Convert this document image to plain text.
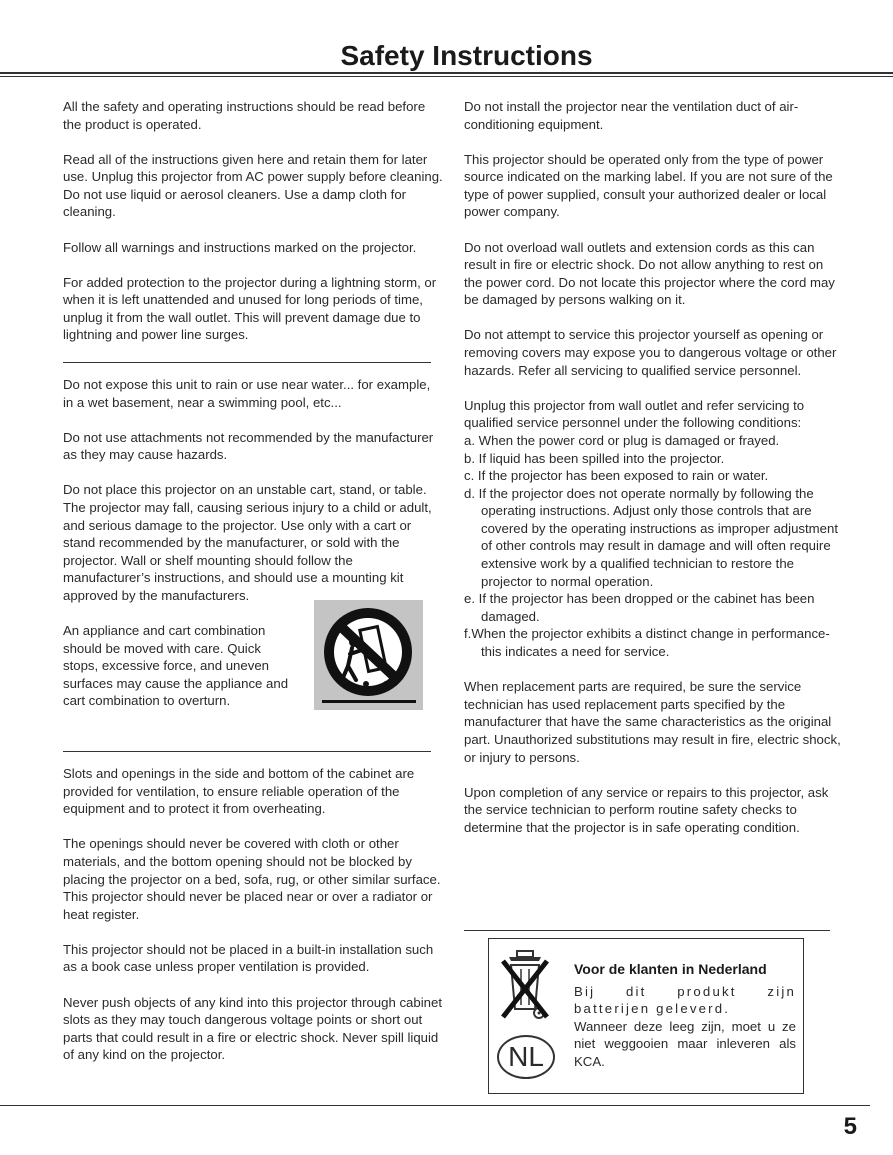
Safety Instructions

All the safety and operating instructions should be read before the product is operated.

Read all of the instructions given here and retain them for later use. Unplug this projector from AC power supply before cleaning. Do not use liquid or aerosol cleaners. Use a damp cloth for cleaning.

Follow all warnings and instructions marked on the projector.

For added protection to the projector during a lightning storm, or when it is left unattended and unused for long periods of time, unplug it from the wall outlet. This will prevent damage due to lightning and power line surges.

Do not expose this unit to rain or use near water... for example, in a wet basement, near a swimming pool, etc...

Do not use attachments not recommended by the manufacturer as they may cause hazards.

Do not place this projector on an unstable cart, stand, or table. The projector may fall, causing serious injury to a child or adult, and serious damage to the projector. Use only with a cart or stand recommended by the manufacturer, or sold with the projector. Wall or shelf mounting should follow the manufacturer’s instructions, and should use a mounting kit approved by the manufacturers.

An appliance and cart combination should be moved with care. Quick stops, excessive force, and uneven surfaces may cause the appliance and cart combination to overturn.

Slots and openings in the side and bottom of the cabinet are provided for ventilation, to ensure reliable operation of the equipment and to protect it from overheating.

The openings should never be covered with cloth or other materials, and the bottom opening should not be blocked by placing the projector on a bed, sofa, rug, or other similar surface. This projector should never be placed near or over a radiator or heat register.

This projector should not be placed in a built-in installation such as a book case unless proper ventilation is provided.

Never push objects of any kind into this projector through cabinet slots as they may touch dangerous voltage points or short out parts that could result in a fire or electric shock. Never spill liquid of any kind on the projector.

Do not install the projector near the ventilation duct of air-conditioning equipment.

This projector should be operated only from the type of power source indicated on the marking label. If you are not sure of the type of power supplied, consult your authorized dealer or local power company.

Do not overload wall outlets and extension cords as this can result in fire or electric shock. Do not allow anything to rest on the power cord. Do not locate this projector where the cord may be damaged by persons walking on it.

Do not attempt to service this projector yourself as opening or removing covers may expose you to dangerous voltage or other hazards. Refer all servicing to qualified service personnel.

Unplug this projector from wall outlet and refer servicing to qualified service personnel under the following conditions:
a. When the power cord or plug is damaged or frayed.
b. If liquid has been spilled into the projector.
c. If the projector has been exposed to rain or water.
d. If the projector does not operate normally by following the operating instructions. Adjust only those controls that are covered by the operating instructions as improper adjustment of other controls may result in damage and will often require extensive work by a qualified technician to restore the projector to normal operation.
e. If the projector has been dropped or the cabinet has been damaged.
f.When the projector exhibits a distinct change in performance-this indicates a need for service.

When replacement parts are required, be sure the service technician has used replacement parts specified by the manufacturer that have the same characteristics as the original part. Unauthorized substitutions may result in fire, electric shock, or injury to persons.

Upon completion of any service or repairs to this projector, ask the service technician to perform routine safety checks to determine that the projector is in safe operating condition.

NL
Voor de klanten in Nederland
Bij dit produkt zijn batterijen geleverd.
Wanneer deze leeg zijn, moet u ze niet weggooien maar inleveren als KCA.
5
